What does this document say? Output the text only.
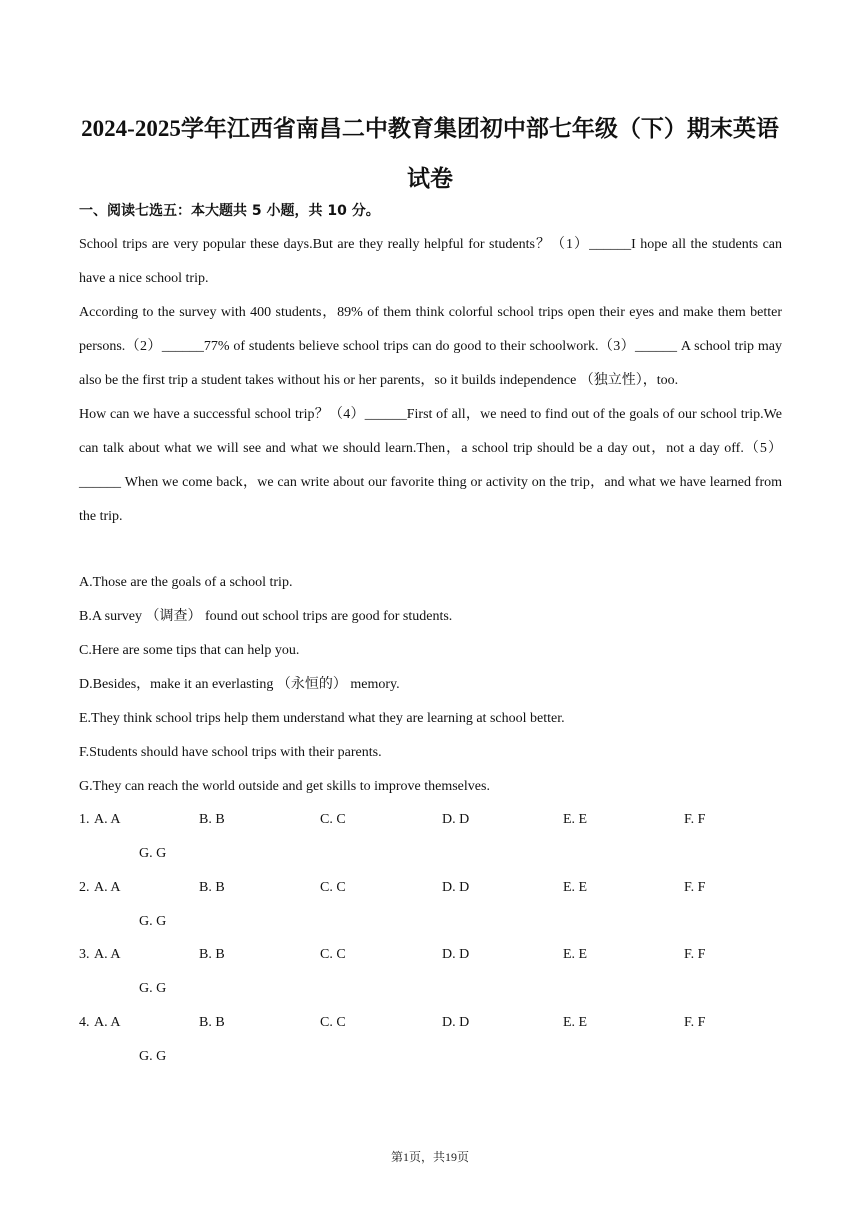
2024-2025学年江西省南昌二中教育集团初中部七年级（下）期末英语
试卷
一、阅读七选五：本大题共 5 小题，共 10 分。

School trips are very popular these days.But are they really helpful for students？（1）______I hope all the students can have a nice school trip.

According to the survey with 400 students，89% of them think colorful school trips open their eyes and make them better persons.（2）______77% of students believe school trips can do good to their schoolwork.（3）______ A school trip may also be the first trip a student takes without his or her parents，so it builds independence （独立性），too.

How can we have a successful school trip？（4）______First of all，we need to find out of the goals of our school trip.We can talk about what we will see and what we should learn.Then，a school trip should be a day out，not a day off.（5）______ When we come back，we can write about our favorite thing or activity on the trip，and what we have learned from the trip.

A.Those are the goals of a school trip.
B.A survey （调查） found out school trips are good for students.
C.Here are some tips that can help you.
D.Besides，make it an everlasting （永恒的） memory.
E.They think school trips help them understand what they are learning at school better.
F.Students should have school trips with their parents.
G.They can reach the world outside and get skills to improve themselves.
1. A. A	B. B	C. C	D. D	E. E	F. F
G. G
2. A. A	B. B	C. C	D. D	E. E	F. F
G. G
3. A. A	B. B	C. C	D. D	E. E	F. F
G. G
4. A. A	B. B	C. C	D. D	E. E	F. F
G. G
第1页，共19页
